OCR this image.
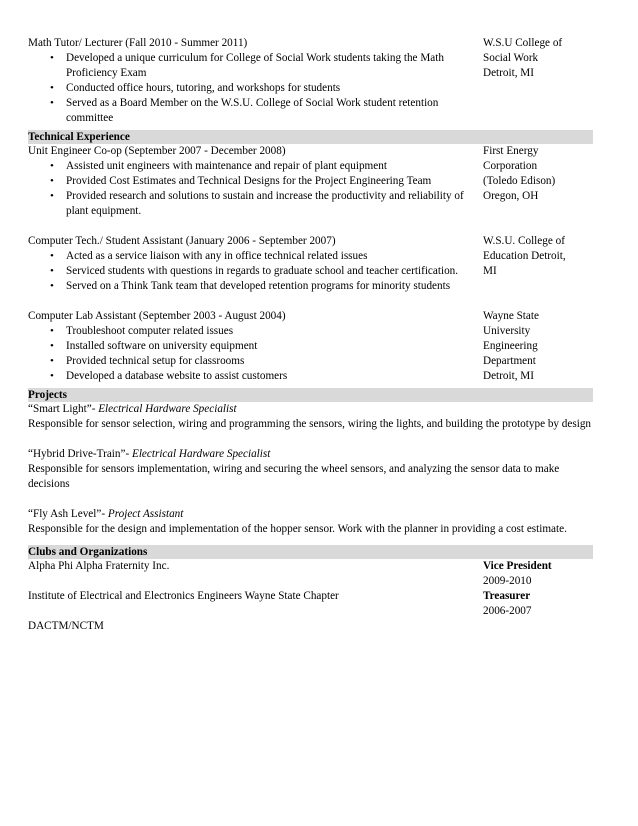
Math Tutor/ Lecturer (Fall 2010 - Summer 2011)
• Developed a unique curriculum for College of Social Work students taking the Math Proficiency Exam
• Conducted office hours, tutoring, and workshops for students
• Served as a Board Member on the W.S.U. College of Social Work student retention committee
W.S.U College of
Social Work
Detroit, MI
Technical Experience
Unit Engineer Co-op (September 2007 - December 2008)
• Assisted unit engineers with maintenance and repair of plant equipment
• Provided Cost Estimates and Technical Designs for the Project Engineering Team
• Provided research and solutions to sustain and increase the productivity and reliability of plant equipment.
First Energy
Corporation
(Toledo Edison)
Oregon, OH
Computer Tech./ Student Assistant (January 2006 - September 2007)
• Acted as a service liaison with any in office technical related issues
• Serviced students with questions in regards to graduate school and teacher certification.
• Served on a Think Tank team that developed retention programs for minority students
W.S.U. College of
Education Detroit,
MI
Computer Lab Assistant (September 2003 - August 2004)
• Troubleshoot computer related issues
• Installed software on university equipment
• Provided technical setup for classrooms
• Developed a database website to assist customers
Wayne State
University
Engineering
Department
Detroit, MI
Projects
“Smart Light”- Electrical Hardware Specialist
Responsible for sensor selection, wiring and programming the sensors, wiring the lights, and building the prototype by design
“Hybrid Drive-Train”- Electrical Hardware Specialist
Responsible for sensors implementation, wiring and securing the wheel sensors, and analyzing the sensor data to make decisions
“Fly Ash Level”- Project Assistant
Responsible for the design and implementation of the hopper sensor. Work with the planner in providing a cost estimate.
Clubs and Organizations
Alpha Phi Alpha Fraternity Inc.
	Vice President
2009-2010
Institute of Electrical and Electronics Engineers Wayne State Chapter
	Treasurer
2006-2007
DACTM/NCTM
